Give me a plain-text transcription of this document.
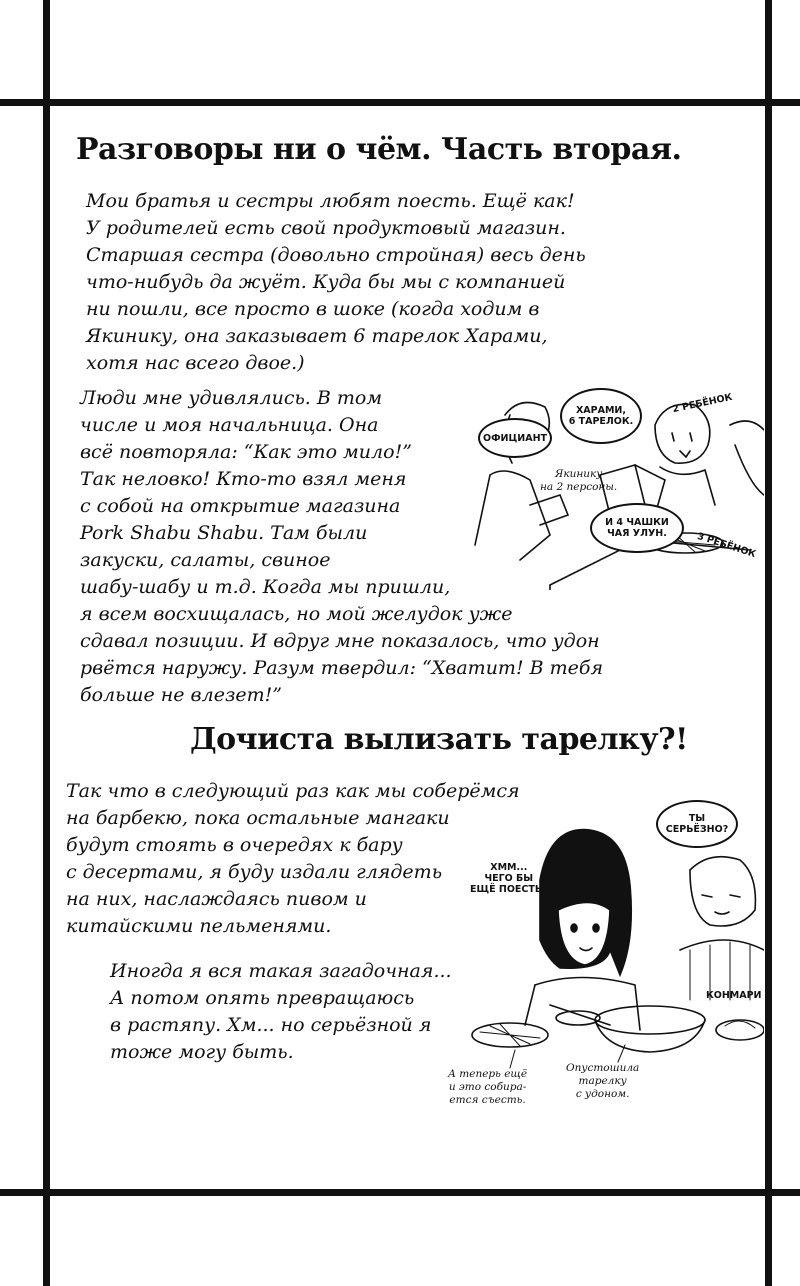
Разговоры ни о чём. Часть вторая.
Мои братья и сестры любят поесть. Ещё как!
У родителей есть свой продуктовый магазин.
Старшая сестра (довольно стройная) весь день
что-нибудь да жуёт. Куда бы мы с компанией
ни пошли, все просто в шоке (когда ходим в
Якинику, она заказывает 6 тарелок Харами,
хотя нас всего двое.)
Люди мне удивлялись. В том
числе и моя начальница. Она
всё повторяла: “Как это мило!”
Так неловко! Кто-то взял меня
с собой на открытие магазина
Pork Shabu Shabu. Там были
закуски, салаты, свиное
шабу-шабу и т.д. Когда мы пришли,
я всем восхищалась, но мой желудок уже
сдавал позиции. И вдруг мне показалось, что удон
рвётся наружу. Разум твердил: “Хватит! В тебя
больше не влезет!”
ОФИЦИАНТ
ХАРАМИ,
6 ТАРЕЛОК.
2 РЕБЁНОК
Якинику
на 2 персоны.
И 4 ЧАШКИ
ЧАЯ УЛУН.	3 РЕБЁНОК
Дочиста вылизать тарелку?!
Так что в следующий раз как мы соберёмся
на барбекю, пока остальные мангаки
будут стоять в очередях к бару
с десертами, я буду издали глядеть
на них, наслаждаясь пивом и
китайскими пельменями.
Иногда я вся такая загадочная...
А потом опять превращаюсь
в растяпу. Хм... но серьёзной я
тоже могу быть.
ТЫ
СЕРЬЁЗНО?
ХММ...
ЧЕГО БЫ
ЕЩЁ ПОЕСТЬ?
КОНМАРИ
А теперь ещё
и это собира-
ется съесть.
Опустошила
тарелку
с удоном.
